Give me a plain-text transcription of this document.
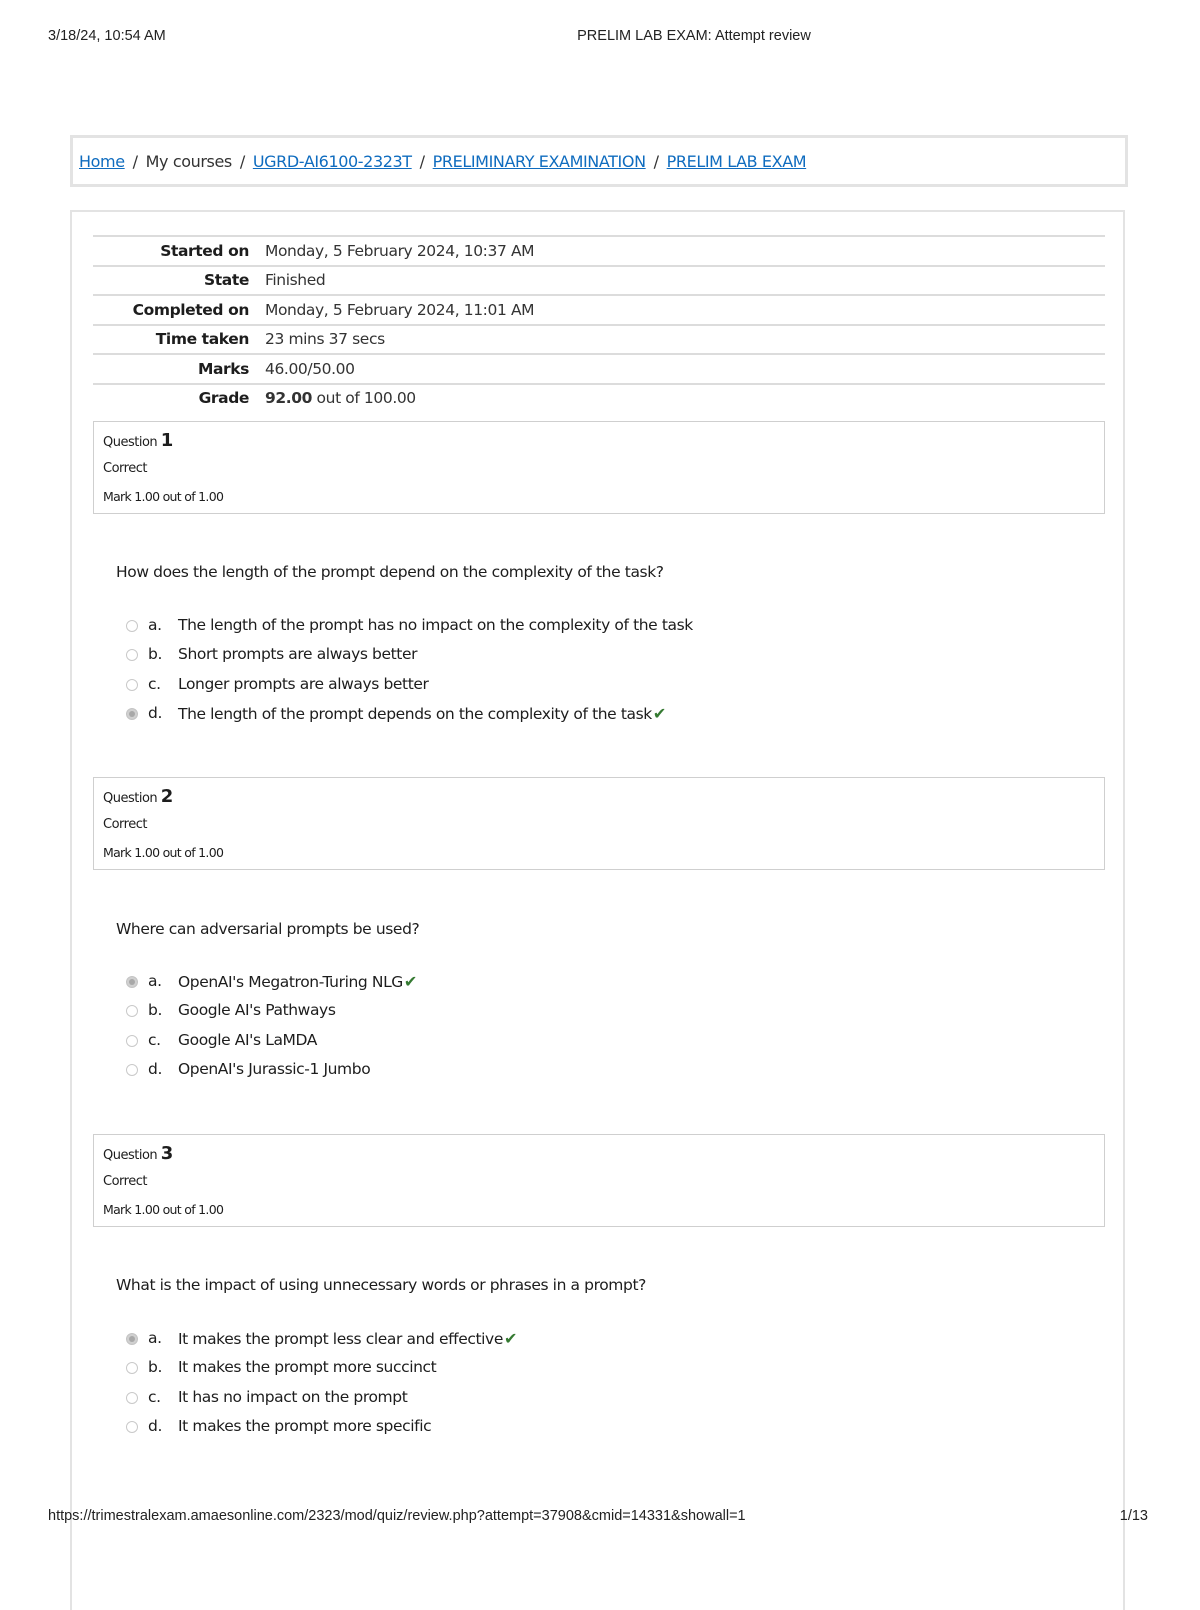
3/18/24, 10:54 AM	PRELIM LAB EXAM: Attempt review
Home / My courses / UGRD-AI6100-2323T / PRELIMINARY EXAMINATION / PRELIM LAB EXAM
Started on	Monday, 5 February 2024, 10:37 AM
State	Finished
Completed on	Monday, 5 February 2024, 11:01 AM
Time taken	23 mins 37 secs
Marks	46.00/50.00
Grade	92.00 out of 100.00
Question 1
Correct
Mark 1.00 out of 1.00
How does the length of the prompt depend on the complexity of the task?
a. The length of the prompt has no impact on the complexity of the task
b. Short prompts are always better
c. Longer prompts are always better
d. The length of the prompt depends on the complexity of the task✔
Question 2
Correct
Mark 1.00 out of 1.00
Where can adversarial prompts be used?
a. OpenAI's Megatron-Turing NLG✔
b. Google AI's Pathways
c. Google AI's LaMDA
d. OpenAI's Jurassic-1 Jumbo
Question 3
Correct
Mark 1.00 out of 1.00
What is the impact of using unnecessary words or phrases in a prompt?
a. It makes the prompt less clear and effective✔
b. It makes the prompt more succinct
c. It has no impact on the prompt
d. It makes the prompt more specific
https://trimestralexam.amaesonline.com/2323/mod/quiz/review.php?attempt=37908&cmid=14331&showall=1	1/13
